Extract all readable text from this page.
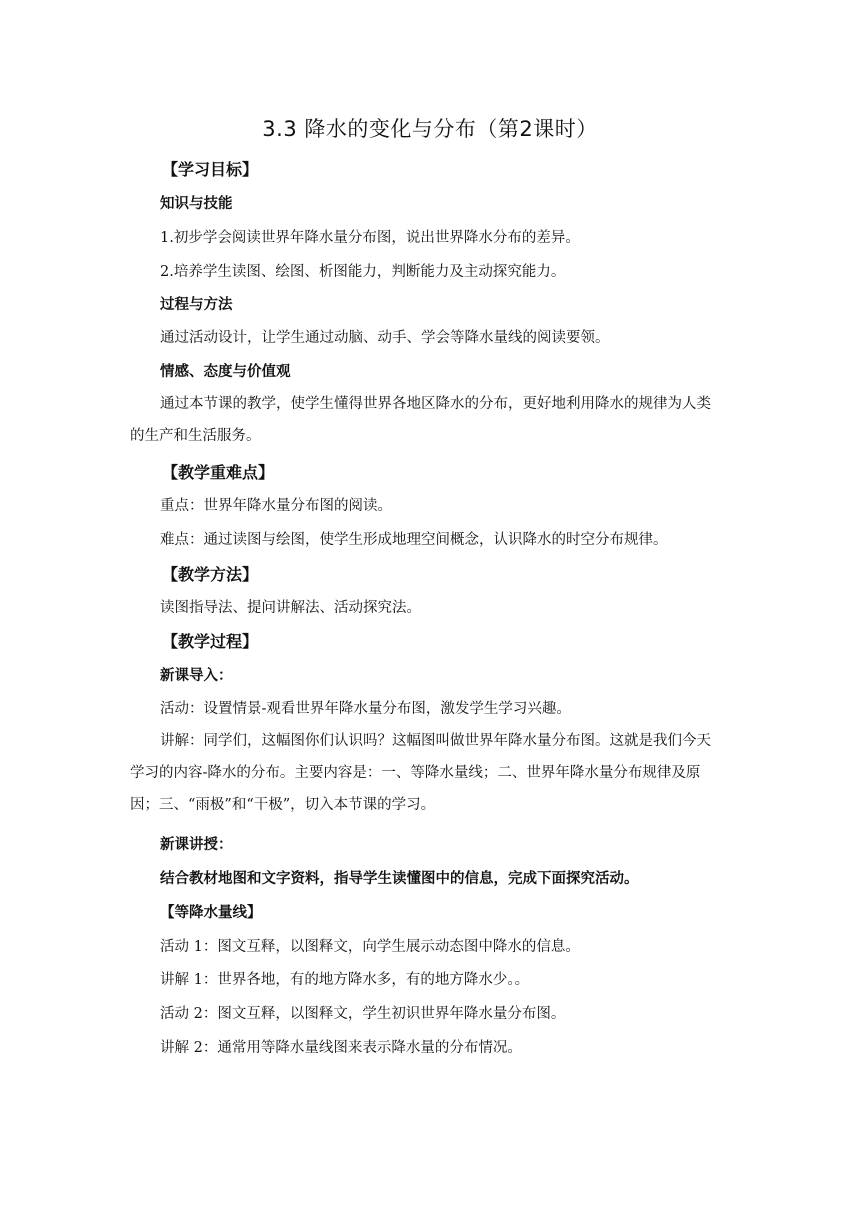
3.3 降水的变化与分布（第2课时）
【学习目标】
知识与技能
1.初步学会阅读世界年降水量分布图，说出世界降水分布的差异。
2.培养学生读图、绘图、析图能力，判断能力及主动探究能力。
过程与方法
通过活动设计，让学生通过动脑、动手、学会等降水量线的阅读要领。
情感、态度与价值观
通过本节课的教学，使学生懂得世界各地区降水的分布，更好地利用降水的规律为人类
的生产和生活服务。
【教学重难点】
重点：世界年降水量分布图的阅读。
难点：通过读图与绘图，使学生形成地理空间概念，认识降水的时空分布规律。
【教学方法】
读图指导法、提问讲解法、活动探究法。
【教学过程】
新课导入：
活动：设置情景-观看世界年降水量分布图，激发学生学习兴趣。
讲解：同学们，这幅图你们认识吗？这幅图叫做世界年降水量分布图。这就是我们今天
学习的内容-降水的分布。主要内容是：一、等降水量线；二、世界年降水量分布规律及原
因；三、“雨极”和“干极”，切入本节课的学习。
新课讲授：
结合教材地图和文字资料，指导学生读懂图中的信息，完成下面探究活动。
【等降水量线】
活动 1：图文互释，以图释文，向学生展示动态图中降水的信息。
讲解 1：世界各地，有的地方降水多，有的地方降水少。。
活动 2：图文互释，以图释文，学生初识世界年降水量分布图。
讲解 2：通常用等降水量线图来表示降水量的分布情况。
